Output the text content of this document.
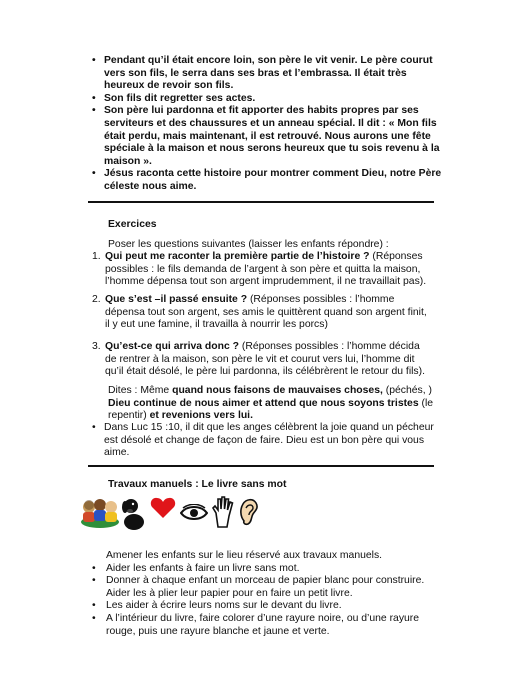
• Pendant qu’il était encore loin, son père le vit venir. Le père courut vers son fils, le serra dans ses bras et l’embrassa. Il était très heureux de revoir son fils.
• Son fils dit regretter ses actes.
• Son père lui pardonna et fit apporter des habits propres par ses serviteurs et des chaussures et un anneau spécial. Il dit : « Mon fils était perdu, mais maintenant, il est retrouvé. Nous aurons une fête spéciale à la maison et nous serons heureux que tu sois revenu à la maison ».
• Jésus raconta cette histoire pour montrer comment Dieu, notre Père céleste nous aime.
Exercices
Poser les questions suivantes (laisser les enfants répondre) :
1. Qui peut me raconter la première partie de l’histoire ? (Réponses possibles : le fils demanda de l’argent à son père et quitta la maison, l’homme dépensa tout son argent imprudemment, il ne travaillait pas).
2. Que s’est –il passé ensuite ? (Réponses possibles : l’homme dépensa tout son argent, ses amis le quittèrent quand son argent finit, il y eut une famine, il travailla à nourrir les porcs)
3. Qu’est-ce qui arriva donc ? (Réponses possibles : l’homme décida de rentrer à la maison, son père le vit et courut vers lui, l’homme dit qu’il était désolé, le père lui pardonna, ils célébrèrent le retour du fils).
Dites : Même quand nous faisons de mauvaises choses, (péchés, ) Dieu continue de nous aimer et attend que nous soyons tristes (le repentir) et revenions vers lui.
• Dans Luc 15 :10, il dit que les anges célèbrent la joie quand un pécheur est désolé et change de façon de faire. Dieu est un bon père qui vous aime.
Travaux manuels : Le livre sans mot
Amener les enfants sur le lieu réservé aux travaux manuels.
• Aider les enfants à faire un livre sans mot.
• Donner à chaque enfant un morceau de papier blanc pour construire. Aider les à plier leur papier pour en faire un petit livre.
• Les aider à écrire leurs noms sur le devant du livre.
• A l’intérieur du livre, faire colorer d’une rayure noire, ou d’une rayure rouge, puis une rayure blanche et jaune et verte.
